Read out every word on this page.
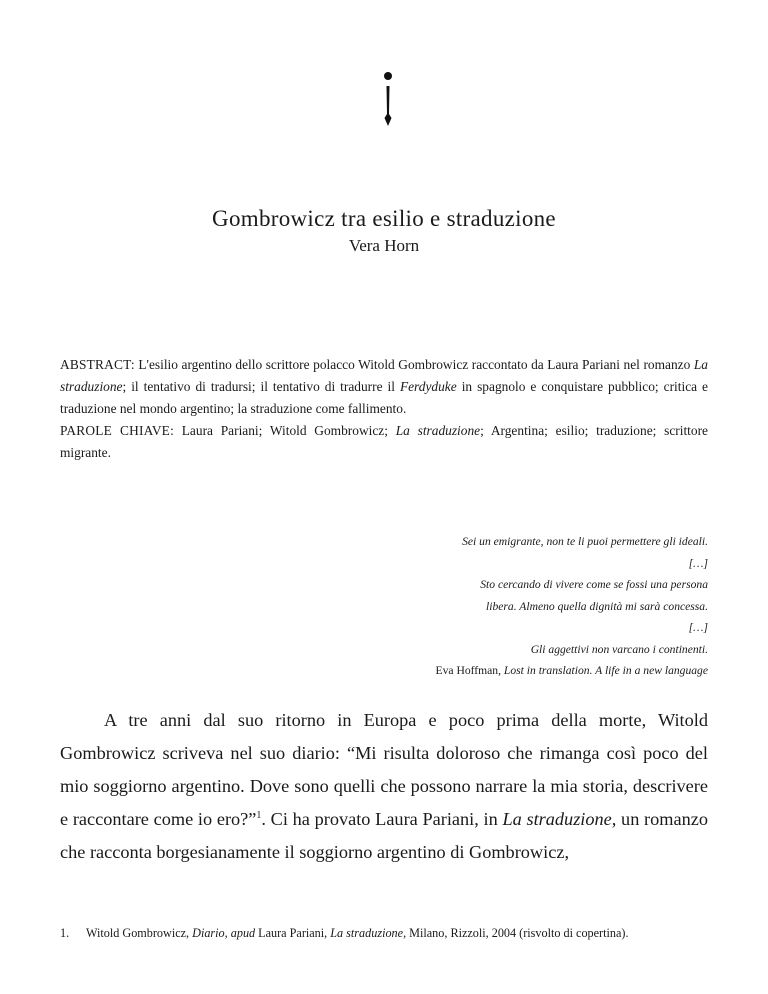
Gombrowicz tra esilio e straduzione
Vera Horn

ABSTRACT: L'esilio argentino dello scrittore polacco Witold Gombrowicz raccontato da Laura Pariani nel romanzo La straduzione; il tentativo di tradursi; il tentativo di tradurre il Ferdyduke in spagnolo e conquistare pubblico; critica e traduzione nel mondo argentino; la straduzione come fallimento.

PAROLE CHIAVE: Laura Pariani; Witold Gombrowicz; La straduzione; Argentina; esilio; traduzione; scrittore migrante.

Sei un emigrante, non te li puoi permettere gli ideali.
[…]
Sto cercando di vivere come se fossi una persona
libera. Almeno quella dignità mi sarà concessa.
[…]
Gli aggettivi non varcano i continenti.
Eva Hoffman, Lost in translation. A life in a new language

A tre anni dal suo ritorno in Europa e poco prima della morte, Witold Gombrowicz scriveva nel suo diario: “Mi risulta doloroso che rimanga così poco del mio soggiorno argentino. Dove sono quelli che possono narrare la mia storia, descrivere e raccontare come io ero?”$^1$. Ci ha provato Laura Pariani, in La straduzione, un romanzo che racconta borgesianamente il soggiorno argentino di Gombrowicz,

1. Witold Gombrowicz, Diario, apud Laura Pariani, La straduzione, Milano, Rizzoli, 2004 (risvolto di copertina).
